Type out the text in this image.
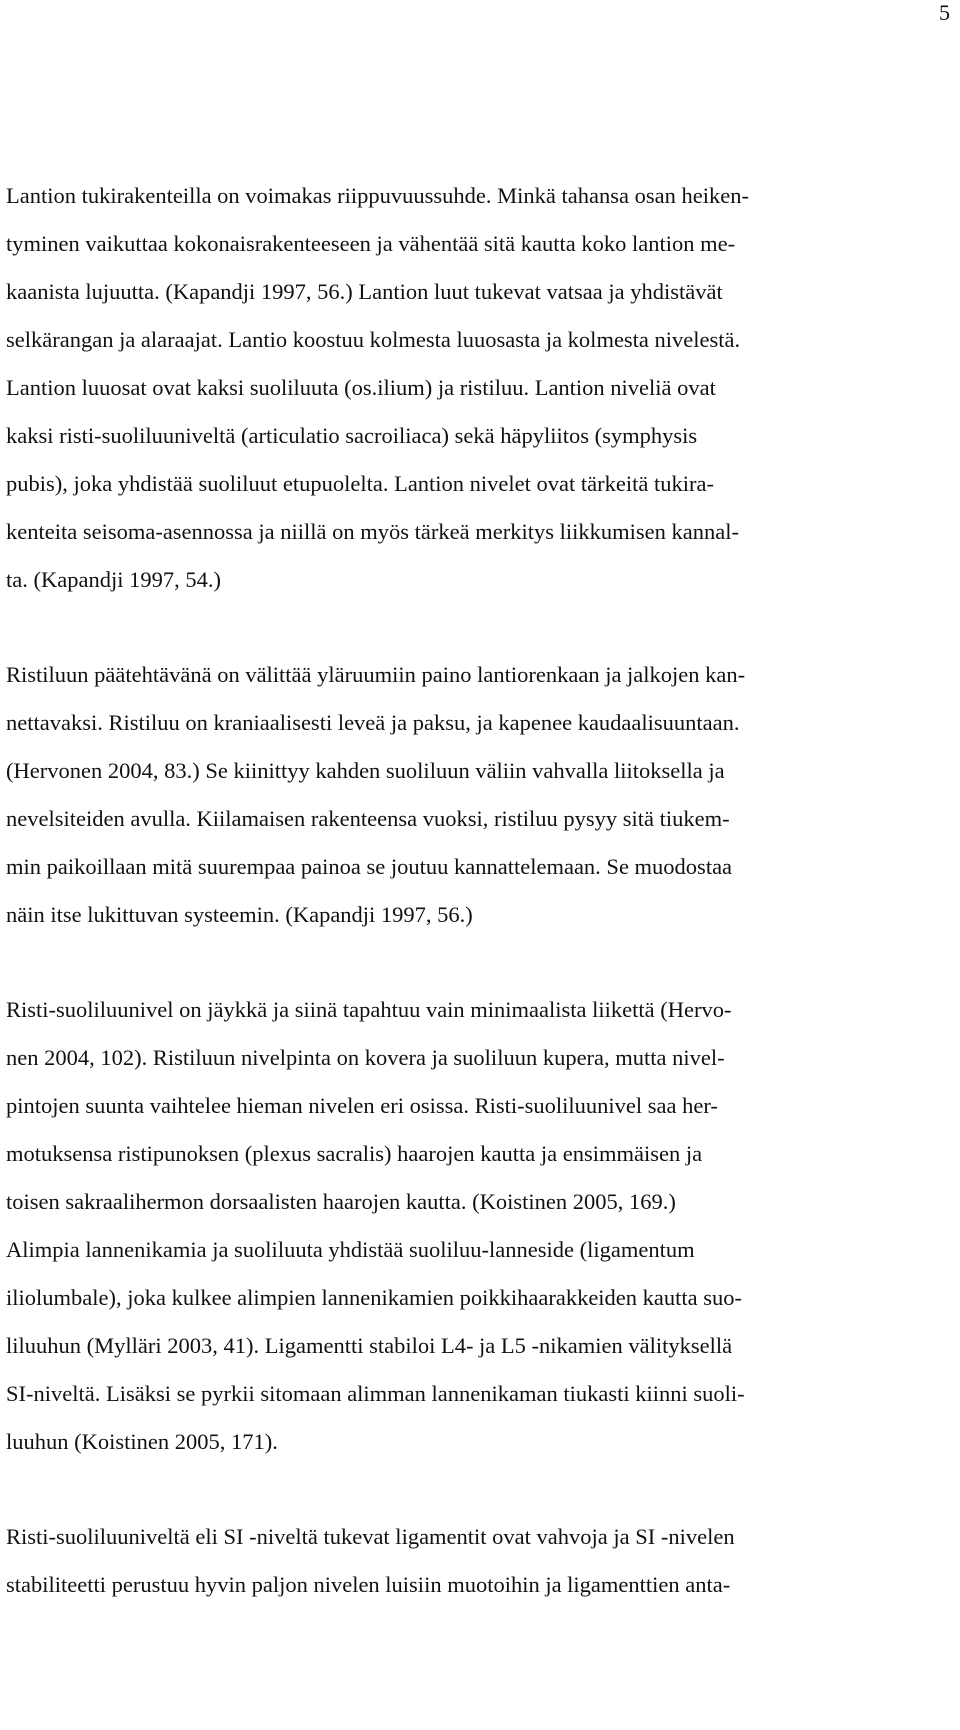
5
Lantion tukirakenteilla on voimakas riippuvuussuhde. Minkä tahansa osan heiken-
tyminen vaikuttaa kokonaisrakenteeseen ja vähentää sitä kautta koko lantion me-
kaanista lujuutta. (Kapandji 1997, 56.) Lantion luut tukevat vatsaa ja yhdistävät
selkärangan ja alaraajat. Lantio koostuu kolmesta luuosasta ja kolmesta nivelestä.
Lantion luuosat ovat kaksi suoliluuta (os.ilium) ja ristiluu. Lantion niveliä ovat
kaksi risti-suoliluuniveltä (articulatio sacroiliaca) sekä häpyliitos (symphysis
pubis), joka yhdistää suoliluut etupuolelta. Lantion nivelet ovat tärkeitä tukira-
kenteita seisoma-asennossa ja niillä on myös tärkeä merkitys liikkumisen kannal-
ta. (Kapandji 1997, 54.)
Ristiluun päätehtävänä on välittää yläruumiin paino lantiorenkaan ja jalkojen kan-
nettavaksi. Ristiluu on kraniaalisesti leveä ja paksu, ja kapenee kaudaalisuuntaan.
(Hervonen 2004, 83.) Se kiinittyy kahden suoliluun väliin vahvalla liitoksella ja
nevelsiteiden avulla. Kiilamaisen rakenteensa vuoksi, ristiluu pysyy sitä tiukem-
min paikoillaan mitä suurempaa painoa se joutuu kannattelemaan. Se muodostaa
näin itse lukittuvan systeemin. (Kapandji 1997, 56.)
Risti-suoliluunivel on jäykkä ja siinä tapahtuu vain minimaalista liikettä (Hervo-
nen 2004, 102). Ristiluun nivelpinta on kovera ja suoliluun kupera, mutta nivel-
pintojen suunta vaihtelee hieman nivelen eri osissa. Risti-suoliluunivel saa her-
motuksensa ristipunoksen (plexus sacralis) haarojen kautta ja ensimmäisen ja
toisen sakraalihermon dorsaalisten haarojen kautta. (Koistinen 2005, 169.)
Alimpia lannenikamia ja suoliluuta yhdistää suoliluu-lanneside (ligamentum
iliolumbale), joka kulkee alimpien lannenikamien poikkihaarakkeiden kautta suo-
liluuhun (Mylläri 2003, 41). Ligamentti stabiloi L4- ja L5 -nikamien välityksellä
SI-niveltä. Lisäksi se pyrkii sitomaan alimman lannenikaman tiukasti kiinni suoli-
luuhun (Koistinen 2005, 171).
Risti-suoliluuniveltä eli SI -niveltä tukevat ligamentit ovat vahvoja ja SI -nivelen
stabiliteetti perustuu hyvin paljon nivelen luisiin muotoihin ja ligamenttien anta-
